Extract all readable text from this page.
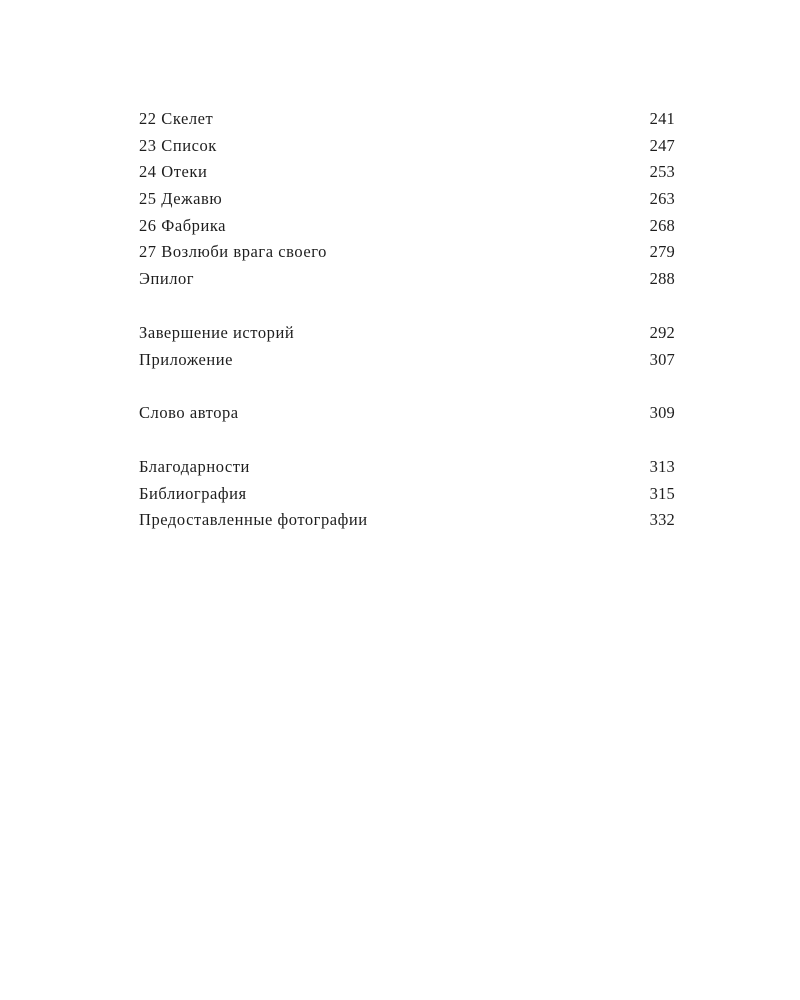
22 Скелет	241
23 Список	247
24 Отеки	253
25 Дежавю	263
26 Фабрика	268
27 Возлюби врага своего	279
Эпилог	288
Завершение историй	292
Приложение	307
Слово автора	309
Благодарности	313
Библиография	315
Предоставленные фотографии	332
